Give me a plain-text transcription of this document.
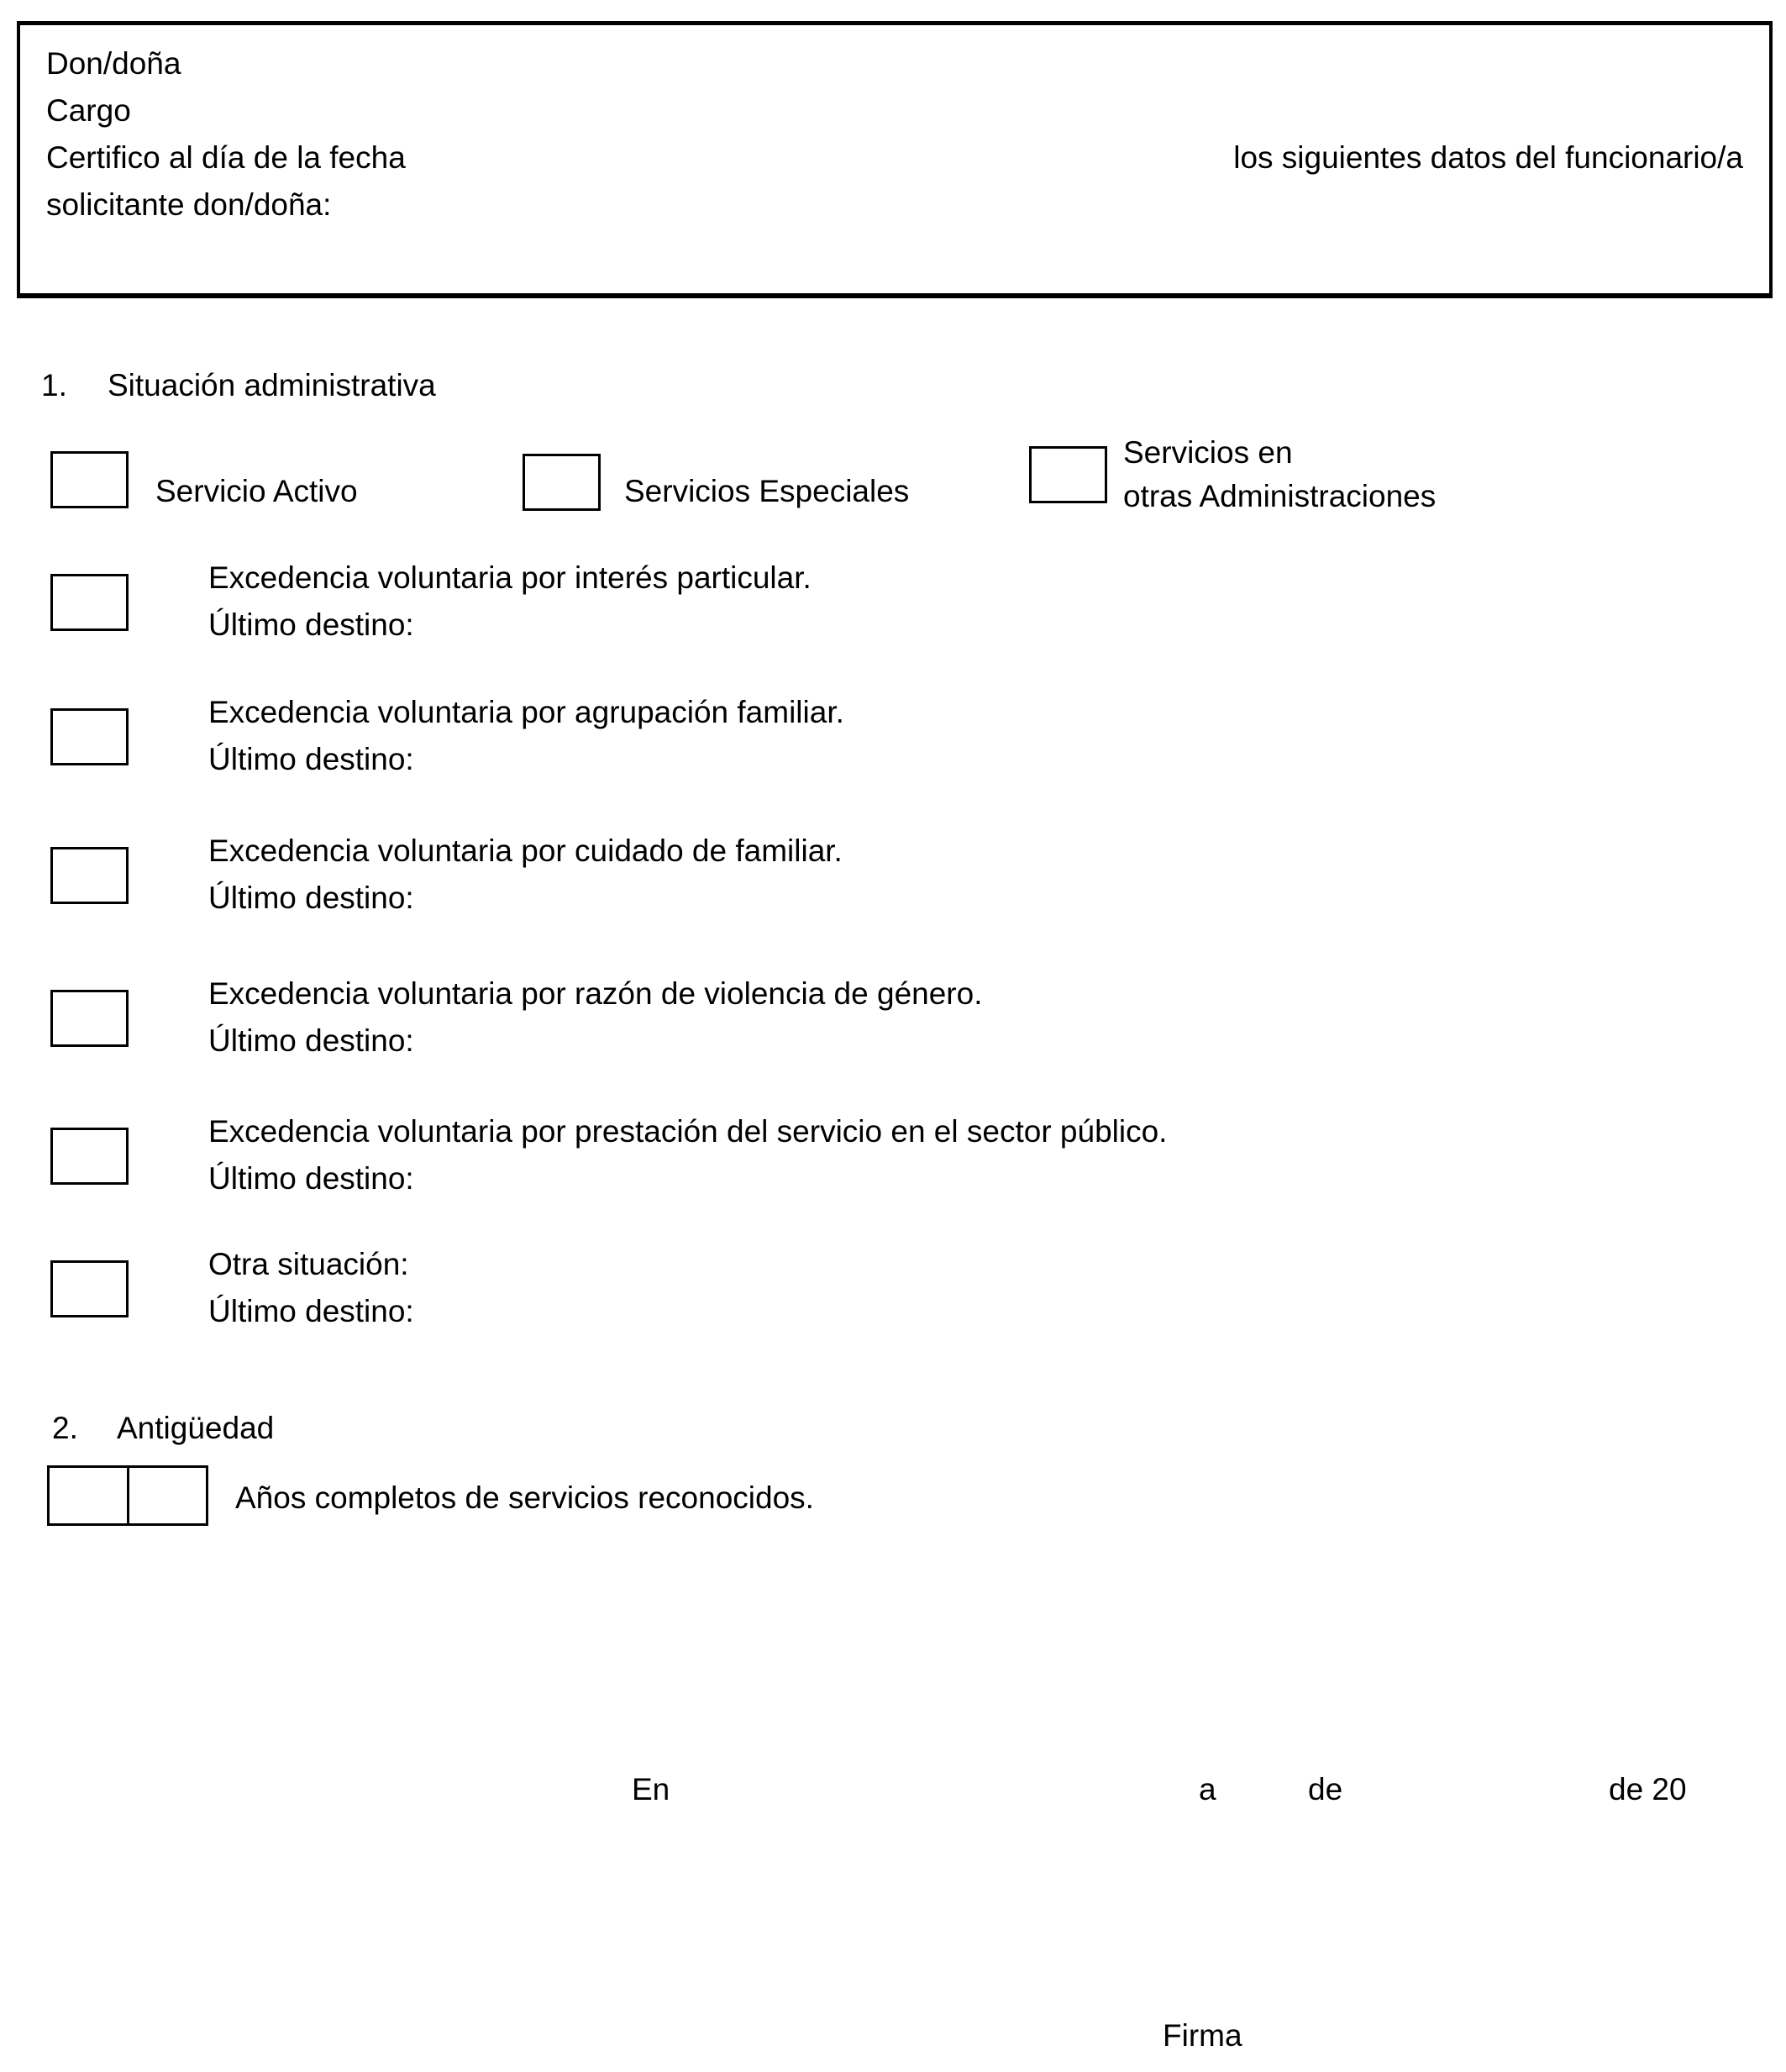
Don/doña
Cargo
Certifico al día de la fecha	los siguientes datos del funcionario/a
solicitante don/doña:
1. Situación administrativa
Servicio Activo	Servicios Especiales
Servicios en
otras Administraciones
Excedencia voluntaria por interés particular.
Último destino:
Excedencia voluntaria por agrupación familiar.
Último destino:
Excedencia voluntaria por cuidado de familiar.
Último destino:
Excedencia voluntaria por razón de violencia de género.
Último destino:
Excedencia voluntaria por prestación del servicio en el sector público.
Último destino:
Otra situación:
Último destino:
2. Antigüedad
Años completos de servicios reconocidos.
En	a	de	de 20
Firma
